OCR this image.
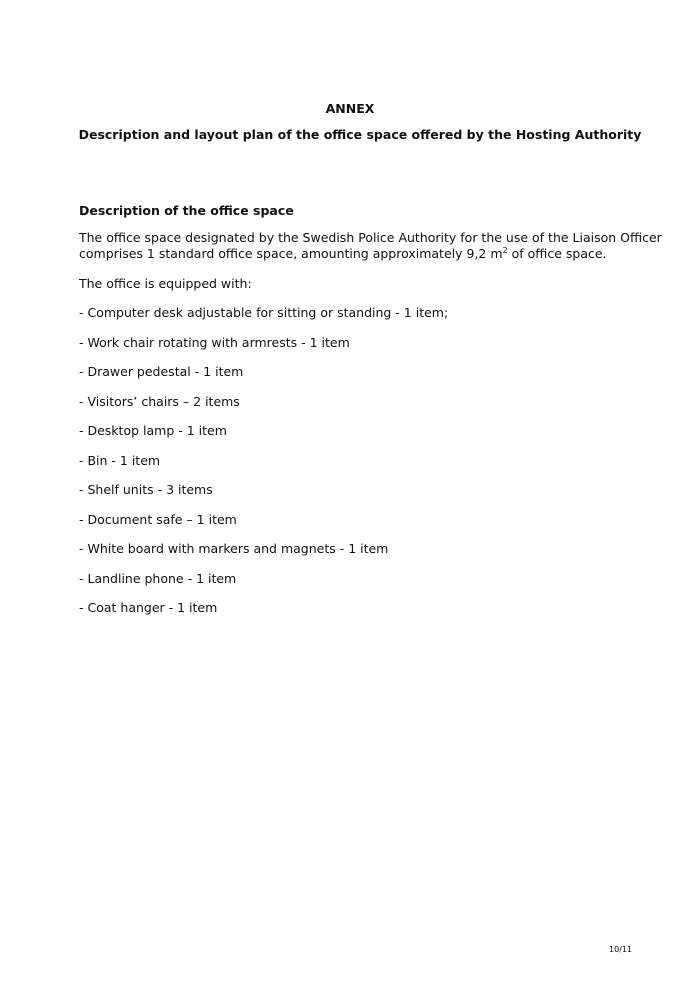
ANNEX
Description and layout plan of the office space offered by the Hosting Authority
Description of the office space
The office space designated by the Swedish Police Authority for the use of the Liaison Officer comprises 1 standard office space, amounting approximately 9,2 $m^2$ of office space.
The office is equipped with:
- Computer desk adjustable for sitting or standing - 1 item;
- Work chair rotating with armrests - 1 item
- Drawer pedestal - 1 item
- Visitors’ chairs – 2 items
- Desktop lamp - 1 item
- Bin - 1 item
- Shelf units - 3 items
- Document safe – 1 item
- White board with markers and magnets - 1 item
- Landline phone - 1 item
- Coat hanger - 1 item
10/11
